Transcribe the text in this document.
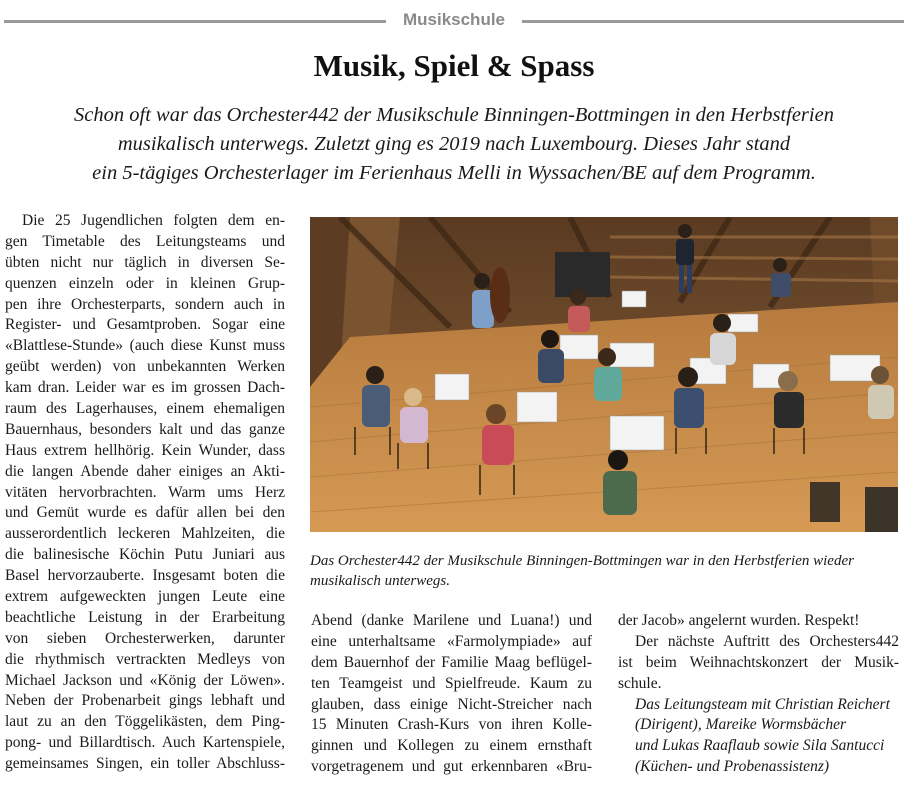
Musikschule
Musik, Spiel & Spass
Schon oft war das Orchester442 der Musikschule Binningen-Bottmingen in den Herbstferien
musikalisch unterwegs. Zuletzt ging es 2019 nach Luxembourg. Dieses Jahr stand
ein 5-tägiges Orchesterlager im Ferienhaus Melli in Wyssachen/BE auf dem Programm.
Die 25 Jugendlichen folgten dem en-
gen Timetable des Leitungsteams und
übten nicht nur täglich in diversen Se-
quenzen einzeln oder in kleinen Grup-
pen ihre Orchesterparts, sondern auch in
Register- und Gesamtproben. Sogar eine
«Blattlese-Stunde» (auch diese Kunst muss
geübt werden) von unbekannten Werken
kam dran. Leider war es im grossen Dach-
raum des Lagerhauses, einem ehemaligen
Bauernhaus, besonders kalt und das ganze
Haus extrem hellhörig. Kein Wunder, dass
die langen Abende daher einiges an Akti-
vitäten hervorbrachten. Warm ums Herz
und Gemüt wurde es dafür allen bei den
ausserordentlich leckeren Mahlzeiten, die
die balinesische Köchin Putu Juniari aus
Basel hervorzauberte. Insgesamt boten die
extrem aufgeweckten jungen Leute eine
beachtliche Leistung in der Erarbeitung
von sieben Orchesterwerken, darunter
die rhythmisch vertrackten Medleys von
Michael Jackson und «König der Löwen».
Neben der Probenarbeit gings lebhaft und
laut zu an den Töggelikästen, dem Ping-
pong- und Billardtisch. Auch Kartenspiele,
gemeinsames Singen, ein toller Abschluss-
Das Orchester442 der Musikschule Binningen-Bottmingen war in den Herbstferien wieder
musikalisch unterwegs.
Abend (danke Marilene und Luana!) und
eine unterhaltsame «Farmolympiade» auf
dem Bauernhof der Familie Maag beflügel-
ten Teamgeist und Spielfreude. Kaum zu
glauben, dass einige Nicht-Streicher nach
15 Minuten Crash-Kurs von ihren Kolle-
ginnen und Kollegen zu einem ernsthaft
vorgetragenem und gut erkennbaren «Bru-
der Jacob» angelernt wurden. Respekt!
Der nächste Auftritt des Orchesters442
ist beim Weihnachtskonzert der Musik-
schule.
Das Leitungsteam mit Christian Reichert
(Dirigent), Mareike Wormsbächer
und Lukas Raaflaub sowie Sila Santucci
(Küchen- und Probenassistenz)
